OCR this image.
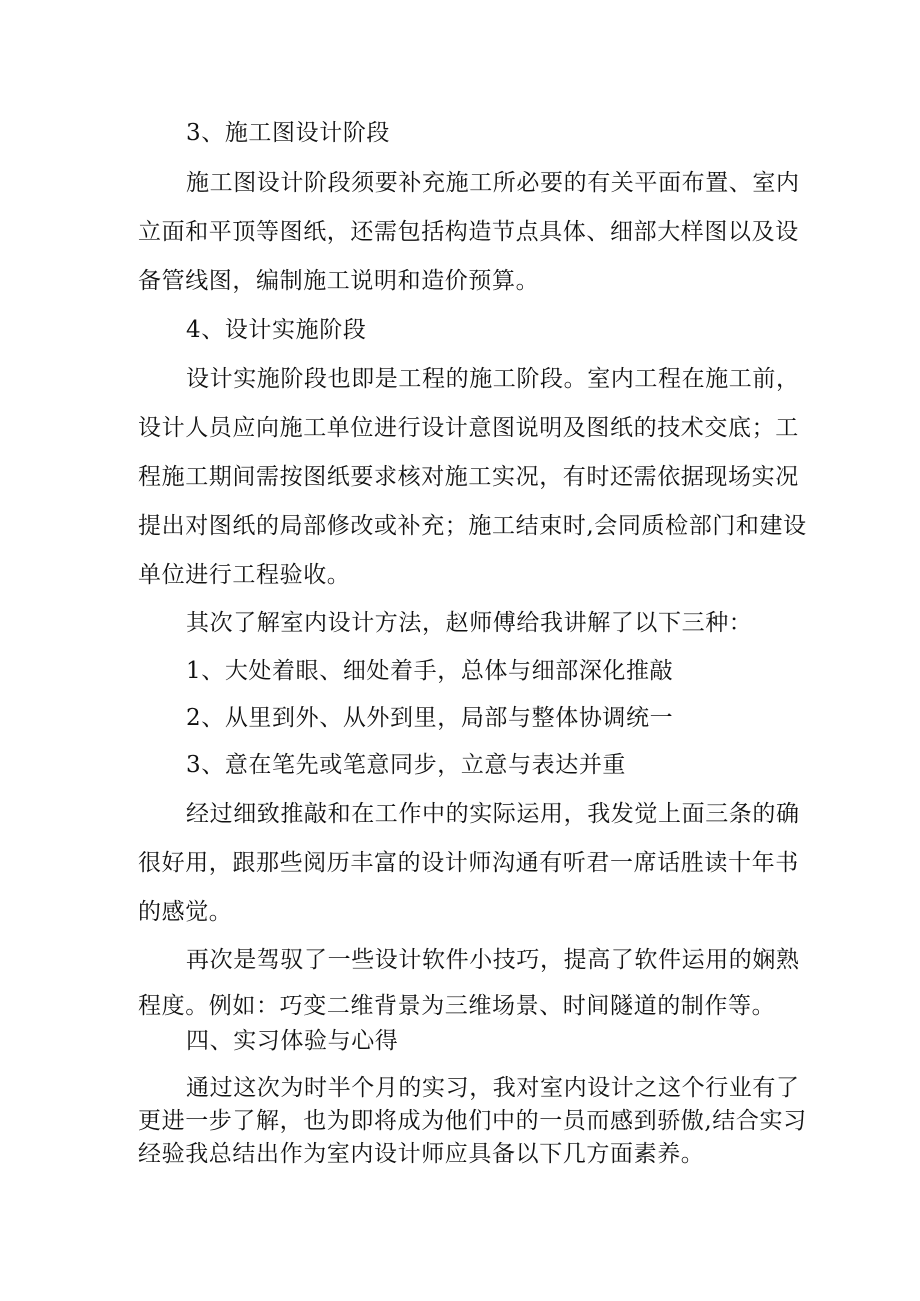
3、施工图设计阶段
施工图设计阶段须要补充施工所必要的有关平面布置、室内
立面和平顶等图纸，还需包括构造节点具体、细部大样图以及设
备管线图，编制施工说明和造价预算。
4、设计实施阶段
设计实施阶段也即是工程的施工阶段。室内工程在施工前，
设计人员应向施工单位进行设计意图说明及图纸的技术交底；工
程施工期间需按图纸要求核对施工实况，有时还需依据现场实况
提出对图纸的局部修改或补充；施工结束时,会同质检部门和建设
单位进行工程验收。
其次了解室内设计方法，赵师傅给我讲解了以下三种：
1、大处着眼、细处着手，总体与细部深化推敲
2、从里到外、从外到里，局部与整体协调统一
3、意在笔先或笔意同步，立意与表达并重
经过细致推敲和在工作中的实际运用，我发觉上面三条的确
很好用，跟那些阅历丰富的设计师沟通有听君一席话胜读十年书
的感觉。
再次是驾驭了一些设计软件小技巧，提高了软件运用的娴熟
程度。例如：巧变二维背景为三维场景、时间隧道的制作等。
四、实习体验与心得
通过这次为时半个月的实习，我对室内设计之这个行业有了
更进一步了解，也为即将成为他们中的一员而感到骄傲,结合实习
经验我总结出作为室内设计师应具备以下几方面素养。
